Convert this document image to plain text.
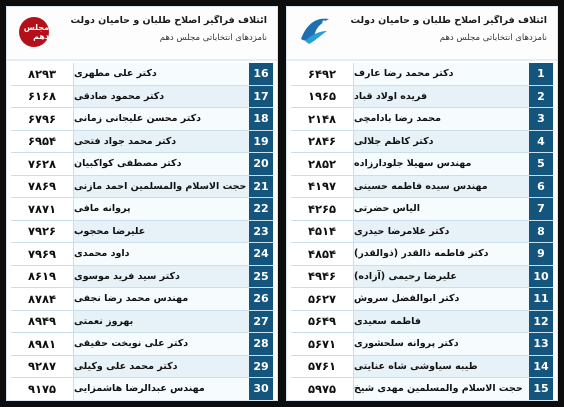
ائتلاف فراگیر اصلاح طلبان و حامیان دولت
نامزدهای انتخاباتی مجلس دهم
مجلس دهم
۸۲۹۳	دکتر علی مطهری	16
۶۱۶۸	دکتر محمود صادقی	17
۶۷۹۶	دکتر محسن علیجانی زمانی	18
۶۹۵۴	دکتر محمد جواد فتحی	19
۷۶۲۸	دکتر مصطفی کواکبیان	20
۷۸۶۹	حجت الاسلام والمسلمین احمد مازنی 21
۷۸۷۱	پروانه مافی	22
۷۹۲۶	علیرضا محجوب	23
۷۹۶۹	داود محمدی	24
۸۶۱۹	دکتر سید فرید موسوی	25
۸۷۸۴	مهندس محمد رضا نجفی	26
۸۹۴۹	بهروز نعمتی	27
۸۹۸۱	دکتر علی نوبخت حقیقی	28
۹۲۸۷	دکتر محمد علی وکیلی	29
۹۱۷۵	مهندس عبدالرضا هاشمزایی	30
ائتلاف فراگیر اصلاح طلبان و حامیان دولت
نامزدهای انتخاباتی مجلس دهم
۶۴۹۲	دکتر محمد رضا عارف	1
۱۹۶۵	فریده اولاد قباد	2
۲۱۴۸	محمد رضا بادامچی	3
۲۸۴۶	دکتر کاظم جلالی	4
۲۸۵۲	مهندس سهیلا جلودارزاده	5
۴۱۹۷	مهندس سیده فاطمه حسینی	6
۴۲۶۵	الیاس حضرتی	7
۴۵۱۴	دکتر غلامرضا حیدری	8
۴۸۵۴	دکتر فاطمه ذالقدر (ذوالقدر)	9
۴۹۴۶	علیرضا رحیمی (آزاده)	10
۵۶۲۷	دکتر ابوالفضل سروش	11
۵۶۴۹	فاطمه سعیدی	12
۵۶۷۱	دکتر پروانه سلحشوری	13
۵۷۶۱	طیبه سیاوشی شاه عنایتی	14
۵۹۷۵	حجت الاسلام والمسلمین مهدی شیخ 15
